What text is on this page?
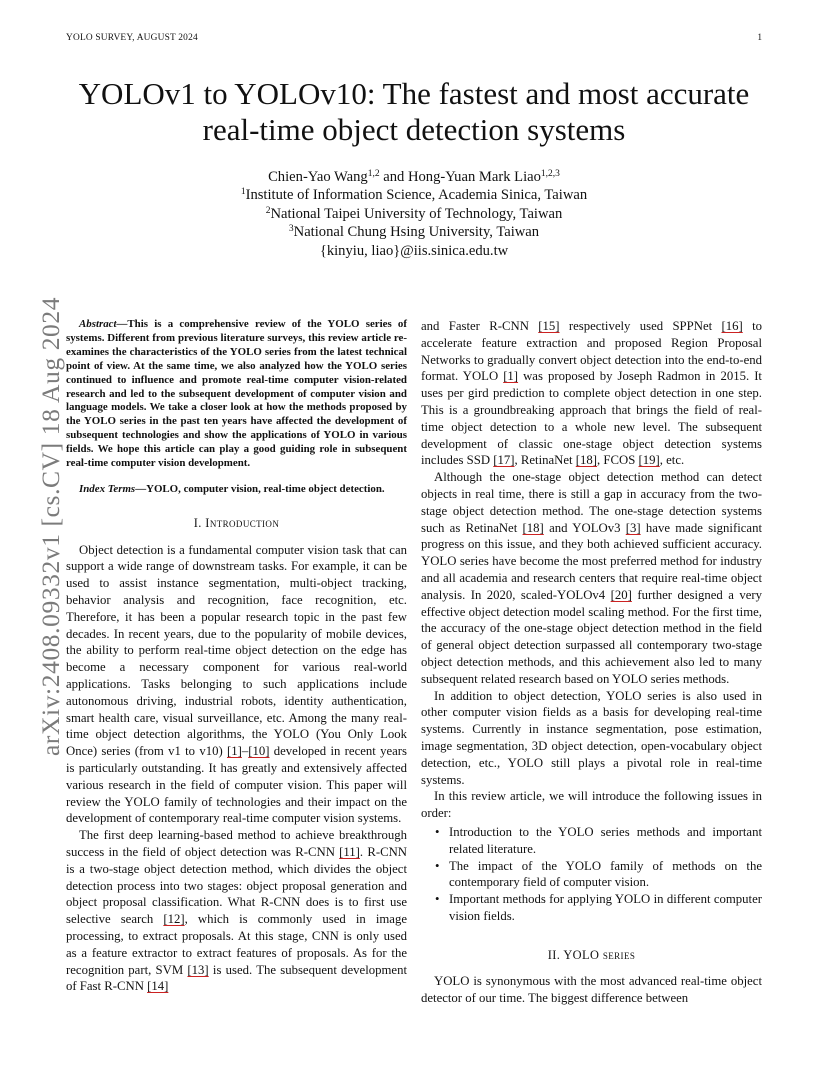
YOLO SURVEY, AUGUST 2024	1
arXiv:2408.09332v1 [cs.CV] 18 Aug 2024
YOLOv1 to YOLOv10: The fastest and most accurate real-time object detection systems
Chien-Yao Wang$^{1,2}$ and Hong-Yuan Mark Liao$^{1,2,3}$
$^1$Institute of Information Science, Academia Sinica, Taiwan
$^2$National Taipei University of Technology, Taiwan
$^3$National Chung Hsing University, Taiwan
{kinyiu, liao}@iis.sinica.edu.tw

Abstract—This is a comprehensive review of the YOLO series of systems. Different from previous literature surveys, this review article re-examines the characteristics of the YOLO series from the latest technical point of view. At the same time, we also analyzed how the YOLO series continued to influence and promote real-time computer vision-related research and led to the subsequent development of computer vision and language models. We take a closer look at how the methods proposed by the YOLO series in the past ten years have affected the development of subsequent technologies and show the applications of YOLO in various fields. We hope this article can play a good guiding role in subsequent real-time computer vision development.

Index Terms—YOLO, computer vision, real-time object detection.

I. Introduction

Object detection is a fundamental computer vision task that can support a wide range of downstream tasks. For example, it can be used to assist instance segmentation, multi-object tracking, behavior analysis and recognition, face recognition, etc. Therefore, it has been a popular research topic in the past few decades. In recent years, due to the popularity of mobile devices, the ability to perform real-time object detection on the edge has become a necessary component for various real-world applications. Tasks belonging to such applications include autonomous driving, industrial robots, identity authentication, smart health care, visual surveillance, etc. Among the many real-time object detection algorithms, the YOLO (You Only Look Once) series (from v1 to v10) [1]–[10] developed in recent years is particularly outstanding. It has greatly and extensively affected various research in the field of computer vision. This paper will review the YOLO family of technologies and their impact on the development of contemporary real-time computer vision systems.

The first deep learning-based method to achieve breakthrough success in the field of object detection was R-CNN [11]. R-CNN is a two-stage object detection method, which divides the object detection process into two stages: object proposal generation and object proposal classification. What R-CNN does is to first use selective search [12], which is commonly used in image processing, to extract proposals. At this stage, CNN is only used as a feature extractor to extract features of proposals. As for the recognition part, SVM [13] is used. The subsequent development of Fast R-CNN [14]

and Faster R-CNN [15] respectively used SPPNet [16] to accelerate feature extraction and proposed Region Proposal Networks to gradually convert object detection into the end-to-end format. YOLO [1] was proposed by Joseph Radmon in 2015. It uses per gird prediction to complete object detection in one step. This is a groundbreaking approach that brings the field of real-time object detection to a whole new level. The subsequent development of classic one-stage object detection systems includes SSD [17], RetinaNet [18], FCOS [19], etc.

Although the one-stage object detection method can detect objects in real time, there is still a gap in accuracy from the two-stage object detection method. The one-stage detection systems such as RetinaNet [18] and YOLOv3 [3] have made significant progress on this issue, and they both achieved sufficient accuracy. YOLO series have become the most preferred method for industry and all academia and research centers that require real-time object analysis. In 2020, scaled-YOLOv4 [20] further designed a very effective object detection model scaling method. For the first time, the accuracy of the one-stage object detection method in the field of general object detection surpassed all contemporary two-stage object detection methods, and this achievement also led to many subsequent related research based on YOLO series methods.

In addition to object detection, YOLO series is also used in other computer vision fields as a basis for developing real-time systems. Currently in instance segmentation, pose estimation, image segmentation, 3D object detection, open-vocabulary object detection, etc., YOLO still plays a pivotal role in real-time systems.

In this review article, we will introduce the following issues in order:

• Introduction to the YOLO series methods and important related literature.
• The impact of the YOLO family of methods on the contemporary field of computer vision.
• Important methods for applying YOLO in different computer vision fields.
II. YOLO series

YOLO is synonymous with the most advanced real-time object detector of our time. The biggest difference between
